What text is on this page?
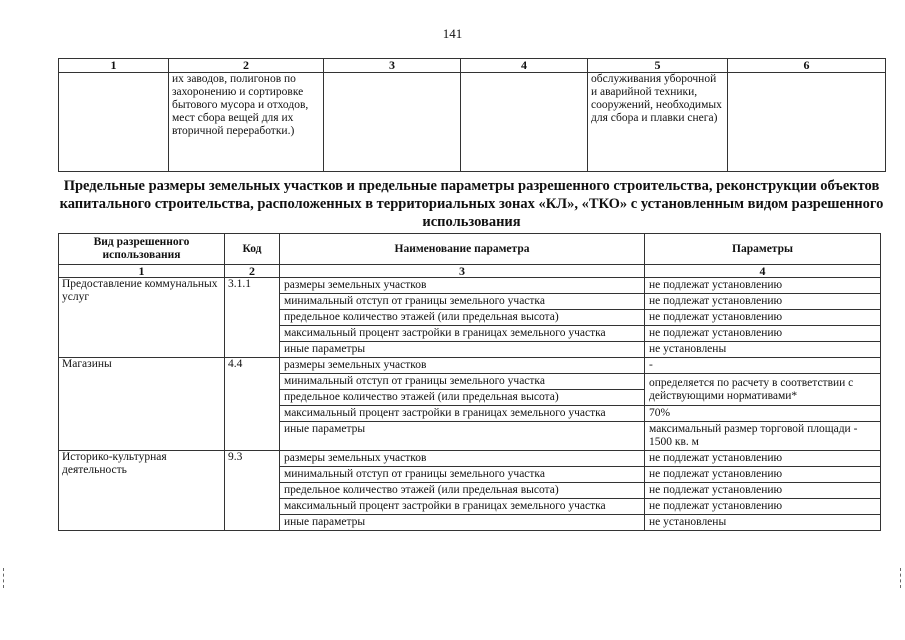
141
1	2	3	4	5	6
	их заводов, полигонов по захоронению и сортировке бытового мусора и отходов, мест сбора вещей для их вторичной переработки.)			обслуживания уборочной и аварийной техники, сооружений, необходимых для сбора и плавки снега)	
Предельные размеры земельных участков и предельные параметры разрешенного строительства, реконструкции объектов капитального строительства, расположенных в территориальных зонах «КЛ», «ТКО» с установленным видом разрешенного использования
Вид разрешенного использования	Код	Наименование параметра	Параметры
1	2	3	4
Предоставление коммунальных услуг	3.1.1	размеры земельных участков	не подлежат установлению
		минимальный отступ от границы земельного участка	не подлежат установлению
		предельное количество этажей (или предельная высота)	не подлежат установлению
		максимальный процент застройки в границах земельного участка	не подлежат установлению
		иные параметры	не установлены
Магазины	4.4	размеры земельных участков	-
		минимальный отступ от границы земельного участка	определяется по расчету в соответствии с действующими нормативами*
		предельное количество этажей (или предельная высота)	
		максимальный процент застройки в границах земельного участка	70%
		иные параметры	максимальный размер торговой площади - 1500 кв. м
Историко-культурная деятельность	9.3	размеры земельных участков	не подлежат установлению
		минимальный отступ от границы земельного участка	не подлежат установлению
		предельное количество этажей (или предельная высота)	не подлежат установлению
		максимальный процент застройки в границах земельного участка	не подлежат установлению
		иные параметры	не установлены
